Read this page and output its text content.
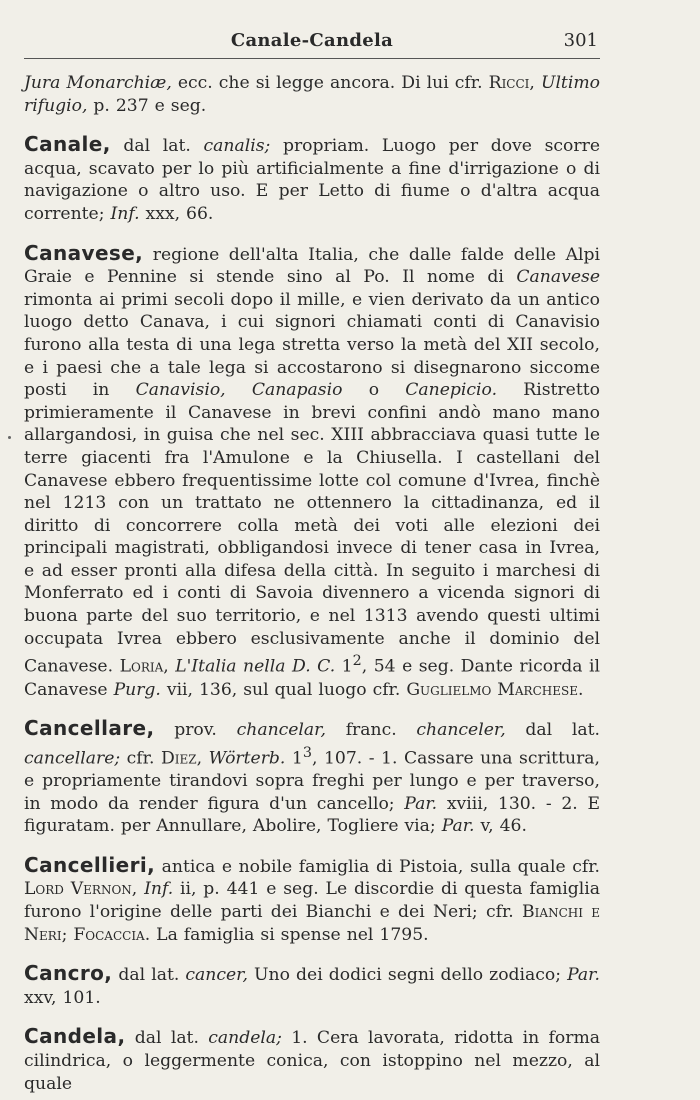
Canale-Candela	301

Jura Monarchiæ, ecc. che si legge ancora. Di lui cfr. Ricci, Ultimo rifugio, p. 237 e seg.

Canale, dal lat. canalis; propriam. Luogo per dove scorre acqua, scavato per lo più artificialmente a fine d'irrigazione o di navigazione o altro uso. E per Letto di fiume o d'altra acqua corrente; Inf. xxx, 66.

Canavese, regione dell'alta Italia, che dalle falde delle Alpi Graie e Pennine si stende sino al Po. Il nome di Canavese rimonta ai primi secoli dopo il mille, e vien derivato da un antico luogo detto Canava, i cui signori chiamati conti di Canavisio furono alla testa di una lega stretta verso la metà del XII secolo, e i paesi che a tale lega si accostarono si disegnarono siccome posti in Canavisio, Canapasio o Canepicio. Ristretto primieramente il Canavese in brevi confini andò mano mano allargandosi, in guisa che nel sec. XIII abbracciava quasi tutte le terre giacenti fra l'Amulone e la Chiusella. I castellani del Canavese ebbero frequentissime lotte col comune d'Ivrea, finchè nel 1213 con un trattato ne ottennero la cittadinanza, ed il diritto di concorrere colla metà dei voti alle elezioni dei principali magistrati, obbligandosi invece di tener casa in Ivrea, e ad esser pronti alla difesa della città. In seguito i marchesi di Monferrato ed i conti di Savoia divennero a vicenda signori di buona parte del suo territorio, e nel 1313 avendo questi ultimi occupata Ivrea ebbero esclusivamente anche il dominio del Canavese. Loria, L'Italia nella D. C. $1^2$, 54 e seg. Dante ricorda il Canavese Purg. vii, 136, sul qual luogo cfr. Guglielmo Marchese.

Cancellare, prov. chancelar, franc. chanceler, dal lat. cancellare; cfr. Diez, Wörterb. $1^3$, 107. - 1. Cassare una scrittura, e propriamente tirandovi sopra freghi per lungo e per traverso, in modo da render figura d'un cancello; Par. xviii, 130. - 2. E figuratam. per Annullare, Abolire, Togliere via; Par. v, 46.

Cancellieri, antica e nobile famiglia di Pistoia, sulla quale cfr. Lord Vernon, Inf. ii, p. 441 e seg. Le discordie di questa famiglia furono l'origine delle parti dei Bianchi e dei Neri; cfr. Bianchi e Neri; Focaccia. La famiglia si spense nel 1795.

Cancro, dal lat. cancer, Uno dei dodici segni dello zodiaco; Par. xxv, 101.

Candela, dal lat. candela; 1. Cera lavorata, ridotta in forma cilindrica, o leggermente conica, con istoppino nel mezzo, al quale
